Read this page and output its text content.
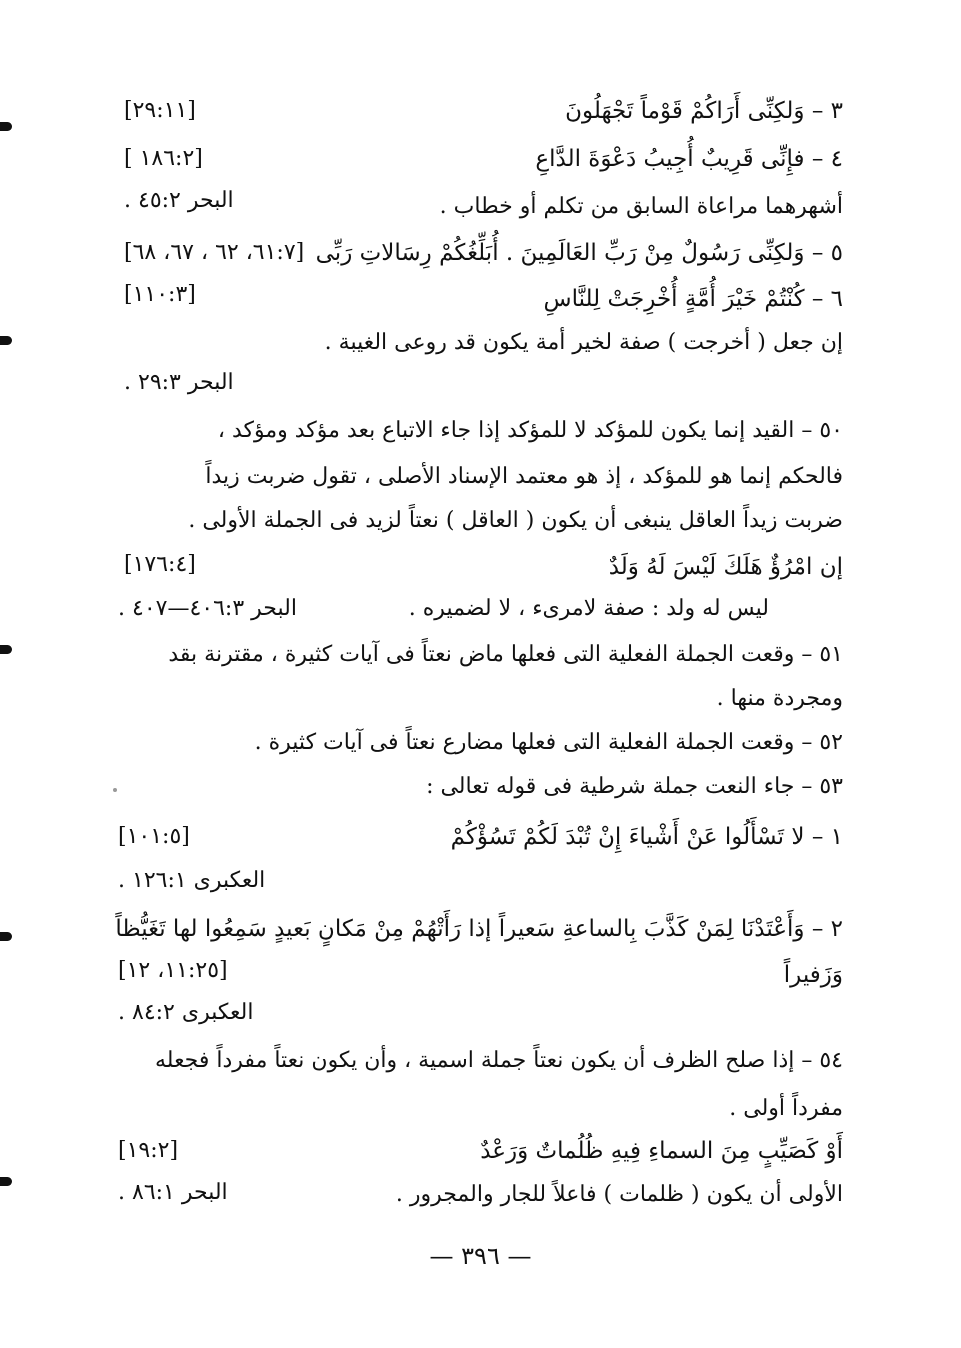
٣ – وَلكِنِّى أَرَاكُمْ قَوْماً تَجْهَلُونَ
٤ – فإِنِّى قَرِيبٌ أُجِيبُ دَعْوَةَ الدَّاعِ
أشهرهما مراعاة السابق من تكلم أو خطاب .
٥ – وَلكِنِّى رَسُولٌ مِنْ رَبِّ العَالَمِينَ . أُبَلِّغُكُمْ رِسَالاتِ رَبِّى
٦ – كُنْتُمْ خَيْرَ أُمَّةٍ أُخْرِجَتْ لِلنَّاسِ
إن جعل ( أخرجت ) صفة لخير أمة يكون قد روعى الغيبة .
٥٠ – القيد إنما يكون للمؤكد لا للمؤكد إذا جاء الاتباع بعد مؤكد ومؤكد ،
فالحكم إنما هو للمؤكد ، إذ هو معتمد الإسناد الأصلى ، تقول ضربت زيداً
ضربت زيداً العاقل ينبغى أن يكون ( العاقل ) نعتاً لزيد فى الجملة الأولى .
إن امْرُؤٌ هَلَكَ لَيْسَ لَهُ وَلَدٌ
ليس له ولد : صفة لامرىء ، لا لضميره .
٥١ – وقعت الجملة الفعلية التى فعلها ماض نعتاً فى آيات كثيرة ، مقترنة بقد
ومجردة منها .
٥٢ – وقعت الجملة الفعلية التى فعلها مضارع نعتاً فى آيات كثيرة .
٥٣ – جاء النعت جملة شرطية فى قوله تعالى :
١ – لا تَسْأَلُوا عَنْ أَشْياءَ إِنْ تُبْدَ لَكُمْ تَسُؤْكُمْ
٢ – وَأَعْتَدْنَا لِمَنْ كَذَّبَ بِالساعةِ سَعيراً إذا رَأَتْهُمْ مِنْ مَكانٍ بَعيدٍ سَمِعُوا لها تَغَيُّظاً
وَزَفيراً
٥٤ – إذا صلح الظرف أن يكون نعتاً جملة اسمية ، وأن يكون نعتاً مفرداً فجعله
مفرداً أولى .
أَوْ كَصَيِّبٍ مِنَ السماءِ فِيهِ ظُلُماتٌ وَرَعْدٌ
الأولى أن يكون ( ظلمات ) فاعلاً للجار والمجرور .
[٢٩:١١]
[١٨٦:٢ ]
البحر ٤٥:٢ .
[٦١:٧، ٦٢ ، ٦٧، ٦٨]
[١١٠:٣]
البحر ٢٩:٣ .
[١٧٦:٤]
البحر ٤٠٦:٣—٤٠٧ .
[١٠١:٥]
العكبرى ١٢٦:١ .
[١١:٢٥، ١٢]
العكبرى ٨٤:٢ .
[١٩:٢]
البحر ٨٦:١ .
— ٣٩٦ —
